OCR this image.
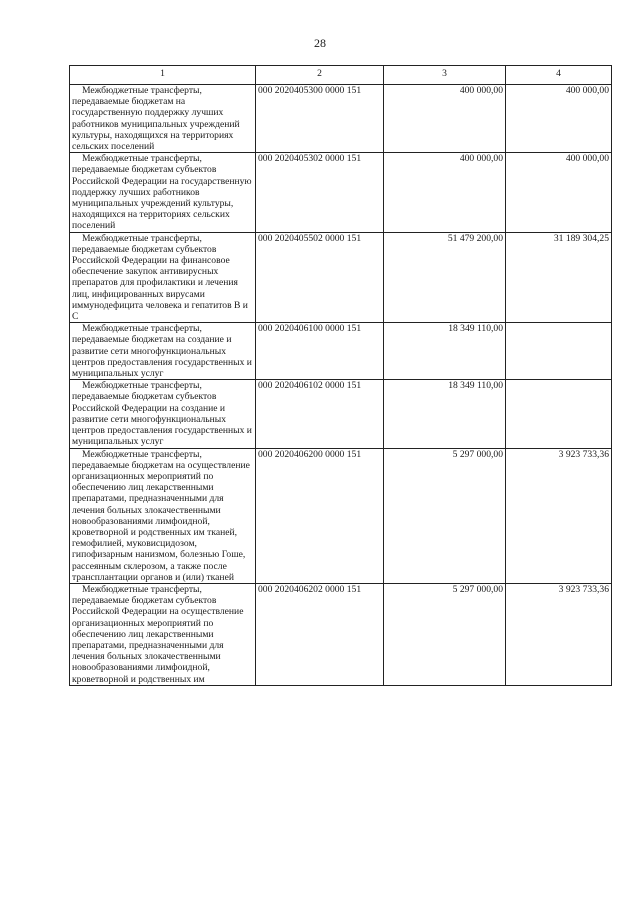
28
1	2	3	4
Межбюджетные трансферты, передаваемые бюджетам на государственную поддержку лучших работников муниципальных учреждений культуры, находящихся на территориях сельских поселений	000 2020405300 0000 151	400 000,00	400 000,00
Межбюджетные трансферты, передаваемые бюджетам субъектов Российской Федерации на государственную поддержку лучших работников муниципальных учреждений культуры, находящихся на территориях сельских поселений	000 2020405302 0000 151	400 000,00	400 000,00
Межбюджетные трансферты, передаваемые бюджетам субъектов Российской Федерации на финансовое обеспечение закупок антивирусных препаратов для профилактики и лечения лиц, инфицированных вирусами иммунодефицита человека и гепатитов В и С	000 2020405502 0000 151	51 479 200,00	31 189 304,25
Межбюджетные трансферты, передаваемые бюджетам на создание и развитие сети многофункциональных центров предоставления государственных и муниципальных услуг	000 2020406100 0000 151	18 349 110,00	
Межбюджетные трансферты, передаваемые бюджетам субъектов Российской Федерации на создание и развитие сети многофункциональных центров предоставления государственных и муниципальных услуг	000 2020406102 0000 151	18 349 110,00	
Межбюджетные трансферты, передаваемые бюджетам на осуществление организационных мероприятий по обеспечению лиц лекарственными препаратами, предназначенными для лечения больных злокачественными новообразованиями лимфоидной, кроветворной и родственных им тканей, гемофилией, муковисцидозом, гипофизарным нанизмом, болезнью Гоше, рассеянным склерозом, а также после трансплантации органов и (или) тканей	000 2020406200 0000 151	5 297 000,00	3 923 733,36
Межбюджетные трансферты, передаваемые бюджетам субъектов Российской Федерации на осуществление организационных мероприятий по обеспечению лиц лекарственными препаратами, предназначенными для лечения больных злокачественными новообразованиями лимфоидной, кроветворной и родственных им	000 2020406202 0000 151	5 297 000,00	3 923 733,36
